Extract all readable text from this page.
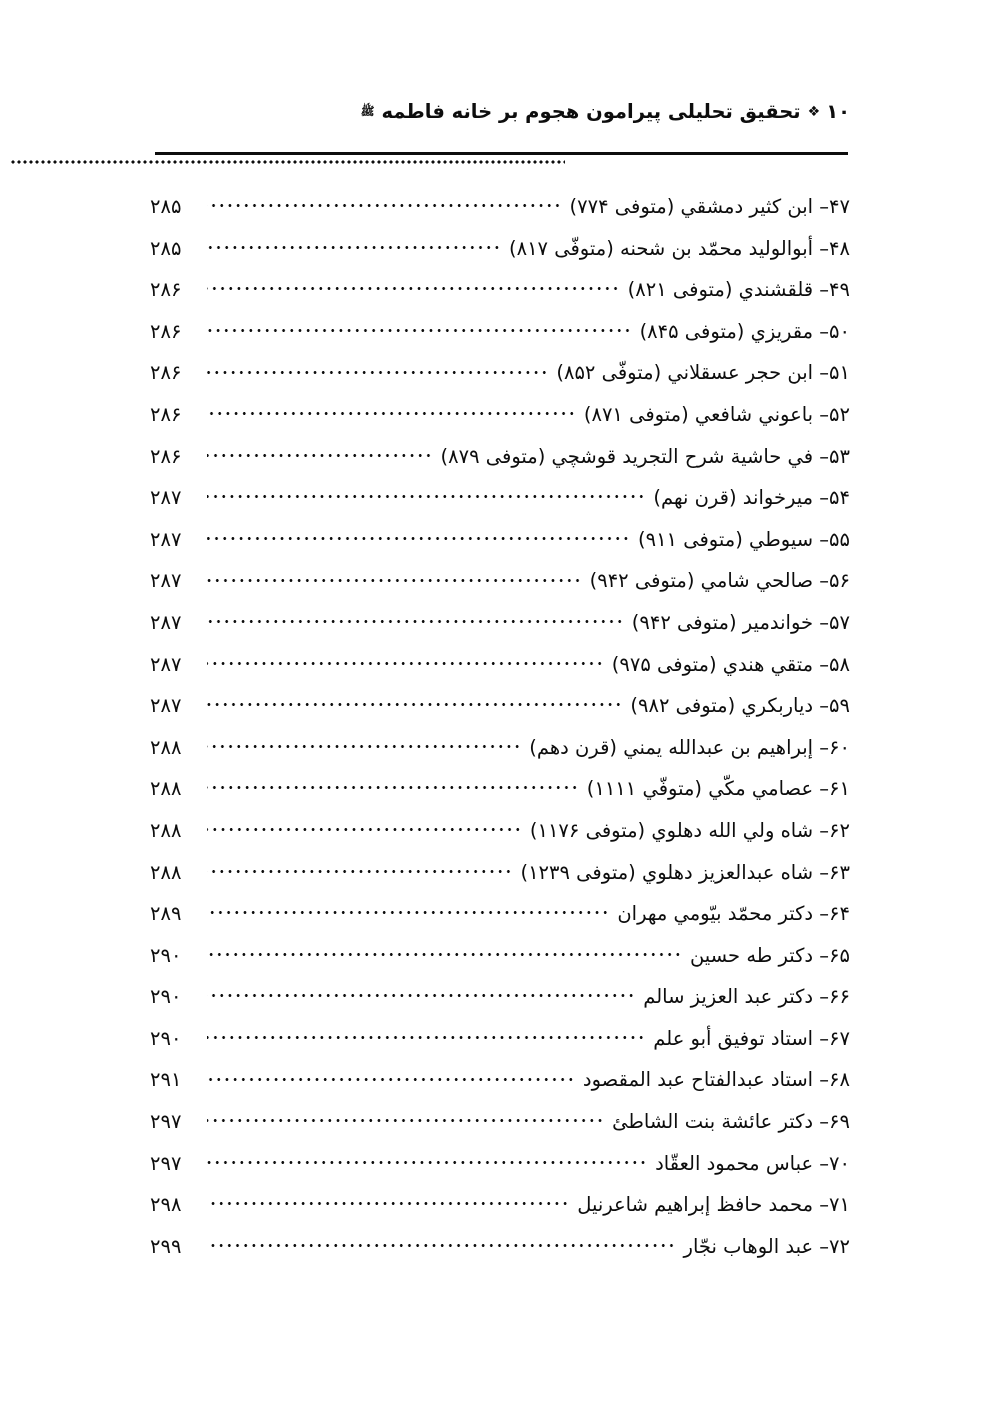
۱۰
❖
تحقیق تحلیلی پیرامون هجوم بر خانه فاطمه
ﷺ
۴۷– ابن کثیر دمشقي (متوفی ۷۷۴)
۲۸۵
۴۸– أبوالولید محمّد بن شحنه (متوفّی ۸۱۷)
۲۸۵
۴۹– قلقشندي (متوفی ۸۲۱)
۲۸۶
۵۰– مقریزي (متوفی ۸۴۵)
۲۸۶
۵۱– ابن حجر عسقلاني (متوفّی ۸۵۲)
۲۸۶
۵۲– باعوني شافعي (متوفی ۸۷۱)
۲۸۶
۵۳– في حاشیة شرح التجرید قوشچي (متوفی ۸۷۹)
۲۸۶
۵۴– میرخواند (قرن نهم)
۲۸۷
۵۵– سیوطي (متوفی ۹۱۱)
۲۸۷
۵۶– صالحي شامي (متوفی ۹۴۲)
۲۸۷
۵۷– خواندمیر (متوفی ۹۴۲)
۲۸۷
۵۸– متقي هندي (متوفی ۹۷۵)
۲۸۷
۵۹– دیاربکري (متوفی ۹۸۲)
۲۸۷
۶۰– إبراهیم بن عبدالله یمني (قرن دهم)
۲۸۸
۶۱– عصامي مکّي (متوفّي ۱۱۱۱)
۲۸۸
۶۲– شاه ولي الله دهلوي (متوفی ۱۱۷۶)
۲۸۸
۶۳– شاه عبدالعزیز دهلوي (متوفی ۱۲۳۹)
۲۸۸
۶۴– دکتر محمّد بیّومي مهران
۲۸۹
۶۵– دکتر طه حسین
۲۹۰
۶۶– دکتر عبد العزیز سالم
۲۹۰
۶۷– استاد توفیق أبو علم
۲۹۰
۶۸– استاد عبدالفتاح عبد المقصود
۲۹۱
۶۹– دکتر عائشة بنت الشاطئ
۲۹۷
۷۰– عباس محمود العقّاد
۲۹۷
۷۱– محمد حافظ إبراهیم شاعرنیل
۲۹۸
۷۲– عبد الوهاب نجّار
۲۹۹
